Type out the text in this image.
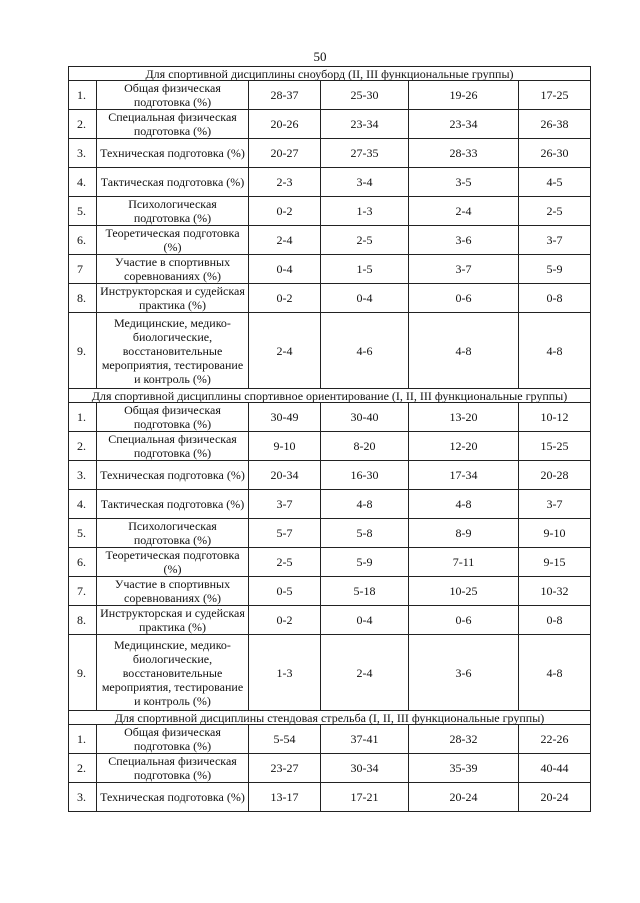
50
Для спортивной дисциплины сноуборд (II, III функциональные группы)					
1.	Общая физическая подготовка (%)	28-37	25-30	19-26	17-25
2.	Специальная физическая подготовка (%)	20-26	23-34	23-34	26-38
3.	Техническая подготовка (%)	20-27	27-35	28-33	26-30
4.	Тактическая подготовка (%)	2-3	3-4	3-5	4-5
5.	Психологическая подготовка (%)	0-2	1-3	2-4	2-5
6.	Теоретическая подготовка (%)	2-4	2-5	3-6	3-7
7	Участие в спортивных соревнованиях (%)	0-4	1-5	3-7	5-9
8.	Инструкторская и судейская практика (%)	0-2	0-4	0-6	0-8
9.	Медицинские, медико-биологические, восстановительные мероприятия, тестирование и контроль (%)	2-4	4-6	4-8	4-8
Для спортивной дисциплины спортивное ориентирование (I, II, III функциональные группы)					
1.	Общая физическая подготовка (%)	30-49	30-40	13-20	10-12
2.	Специальная физическая подготовка (%)	9-10	8-20	12-20	15-25
3.	Техническая подготовка (%)	20-34	16-30	17-34	20-28
4.	Тактическая подготовка (%)	3-7	4-8	4-8	3-7
5.	Психологическая подготовка (%)	5-7	5-8	8-9	9-10
6.	Теоретическая подготовка (%)	2-5	5-9	7-11	9-15
7.	Участие в спортивных соревнованиях (%)	0-5	5-18	10-25	10-32
8.	Инструкторская и судейская практика (%)	0-2	0-4	0-6	0-8
9.	Медицинские, медико-биологические, восстановительные мероприятия, тестирование и контроль (%)	1-3	2-4	3-6	4-8
Для спортивной дисциплины стендовая стрельба (I, II, III функциональные группы)					
1.	Общая физическая подготовка (%)	5-54	37-41	28-32	22-26
2.	Специальная физическая подготовка (%)	23-27	30-34	35-39	40-44
3.	Техническая подготовка (%)	13-17	17-21	20-24	20-24
